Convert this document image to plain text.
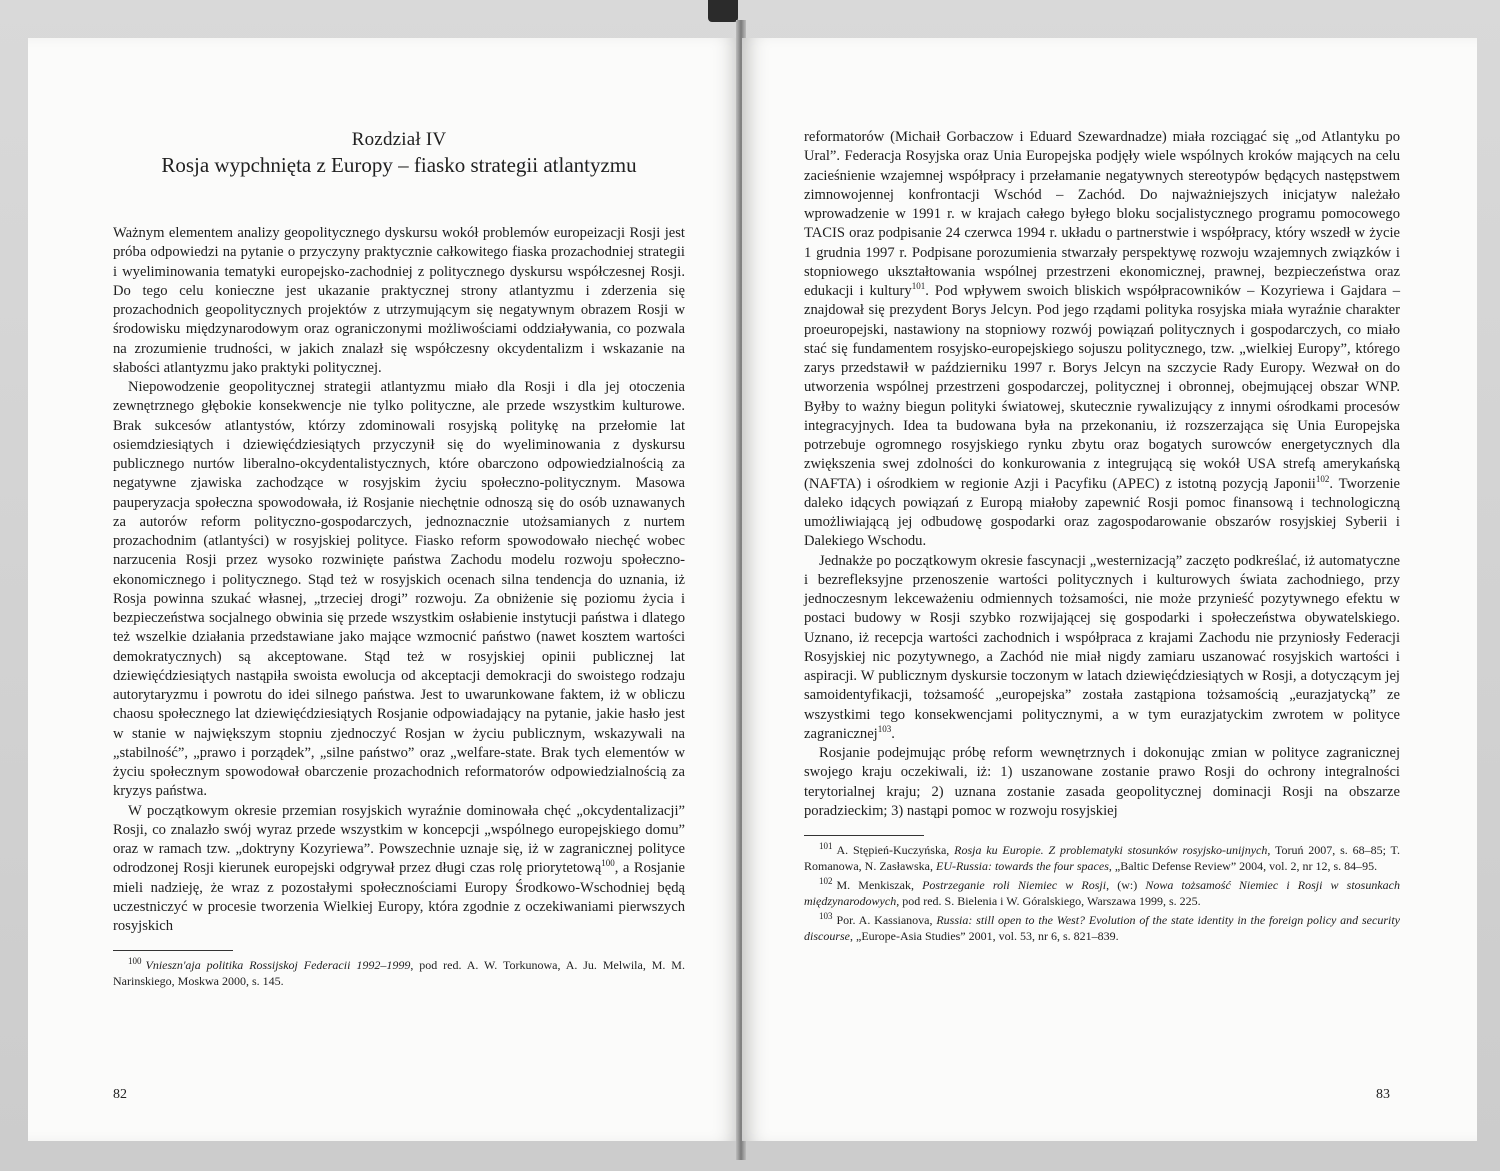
Rozdział IV

Rosja wypchnięta z Europy – fiasko strategii atlantyzmu

Ważnym elementem analizy geopolitycznego dyskursu wokół problemów europeizacji Rosji jest próba odpowiedzi na pytanie o przyczyny praktycznie całkowitego fiaska prozachodniej strategii i wyeliminowania tematyki europejsko-zachodniej z politycznego dyskursu współczesnej Rosji. Do tego celu konieczne jest ukazanie praktycznej strony atlantyzmu i zderzenia się prozachodnich geopolitycznych projektów z utrzymującym się negatywnym obrazem Rosji w środowisku międzynarodowym oraz ograniczonymi możliwościami oddziaływania, co pozwala na zrozumienie trudności, w jakich znalazł się współczesny okcydentalizm i wskazanie na słabości atlantyzmu jako praktyki politycznej.

Niepowodzenie geopolitycznej strategii atlantyzmu miało dla Rosji i dla jej otoczenia zewnętrznego głębokie konsekwencje nie tylko polityczne, ale przede wszystkim kulturowe. Brak sukcesów atlantystów, którzy zdominowali rosyjską politykę na przełomie lat osiemdziesiątych i dziewięćdziesiątych przyczynił się do wyeliminowania z dyskursu publicznego nurtów liberalno-okcydentalistycznych, które obarczono odpowiedzialnością za negatywne zjawiska zachodzące w rosyjskim życiu społeczno-politycznym. Masowa pauperyzacja społeczna spowodowała, iż Rosjanie niechętnie odnoszą się do osób uznawanych za autorów reform polityczno-gospodarczych, jednoznacznie utożsamianych z nurtem prozachodnim (atlantyści) w rosyjskiej polityce. Fiasko reform spowodowało niechęć wobec narzucenia Rosji przez wysoko rozwinięte państwa Zachodu modelu rozwoju społeczno-ekonomicznego i politycznego. Stąd też w rosyjskich ocenach silna tendencja do uznania, iż Rosja powinna szukać własnej, „trzeciej drogi” rozwoju. Za obniżenie się poziomu życia i bezpieczeństwa socjalnego obwinia się przede wszystkim osłabienie instytucji państwa i dlatego też wszelkie działania przedstawiane jako mające wzmocnić państwo (nawet kosztem wartości demokratycznych) są akceptowane. Stąd też w rosyjskiej opinii publicznej lat dziewięćdziesiątych nastąpiła swoista ewolucja od akceptacji demokracji do swoistego rodzaju autorytaryzmu i powrotu do idei silnego państwa. Jest to uwarunkowane faktem, iż w obliczu chaosu społecznego lat dziewięćdziesiątych Rosjanie odpowiadający na pytanie, jakie hasło jest w stanie w największym stopniu zjednoczyć Rosjan w życiu publicznym, wskazywali na „stabilność”, „prawo i porządek”, „silne państwo” oraz „welfare-state. Brak tych elementów w życiu społecznym spowodował obarczenie prozachodnich reformatorów odpowiedzialnością za kryzys państwa.

W początkowym okresie przemian rosyjskich wyraźnie dominowała chęć „okcydentalizacji” Rosji, co znalazło swój wyraz przede wszystkim w koncepcji „wspólnego europejskiego domu” oraz w ramach tzw. „doktryny Kozyriewa”. Powszechnie uznaje się, iż w zagranicznej polityce odrodzonej Rosji kierunek europejski odgrywał przez długi czas rolę priorytetową$^{100}$, a Rosjanie mieli nadzieję, że wraz z pozostałymi społecznościami Europy Środkowo-Wschodniej będą uczestniczyć w procesie tworzenia Wielkiej Europy, która zgodnie z oczekiwaniami pierwszych rosyjskich

$^{100}$ Vnieszn'aja politika Rossijskoj Federacii 1992–1999, pod red. A. W. Torkunowa, A. Ju. Melwila, M. M. Narinskiego, Moskwa 2000, s. 145.

82

reformatorów (Michaił Gorbaczow i Eduard Szewardnadze) miała rozciągać się „od Atlantyku po Ural”. Federacja Rosyjska oraz Unia Europejska podjęły wiele wspólnych kroków mających na celu zacieśnienie wzajemnej współpracy i przełamanie negatywnych stereotypów będących następstwem zimnowojennej konfrontacji Wschód – Zachód. Do najważniejszych inicjatyw należało wprowadzenie w 1991 r. w krajach całego byłego bloku socjalistycznego programu pomocowego TACIS oraz podpisanie 24 czerwca 1994 r. układu o partnerstwie i współpracy, który wszedł w życie 1 grudnia 1997 r. Podpisane porozumienia stwarzały perspektywę rozwoju wzajemnych związków i stopniowego ukształtowania wspólnej przestrzeni ekonomicznej, prawnej, bezpieczeństwa oraz edukacji i kultury$^{101}$. Pod wpływem swoich bliskich współpracowników – Kozyriewa i Gajdara – znajdował się prezydent Borys Jelcyn. Pod jego rządami polityka rosyjska miała wyraźnie charakter proeuropejski, nastawiony na stopniowy rozwój powiązań politycznych i gospodarczych, co miało stać się fundamentem rosyjsko-europejskiego sojuszu politycznego, tzw. „wielkiej Europy”, którego zarys przedstawił w październiku 1997 r. Borys Jelcyn na szczycie Rady Europy. Wezwał on do utworzenia wspólnej przestrzeni gospodarczej, politycznej i obronnej, obejmującej obszar WNP. Byłby to ważny biegun polityki światowej, skutecznie rywalizujący z innymi ośrodkami procesów integracyjnych. Idea ta budowana była na przekonaniu, iż rozszerzająca się Unia Europejska potrzebuje ogromnego rosyjskiego rynku zbytu oraz bogatych surowców energetycznych dla zwiększenia swej zdolności do konkurowania z integrującą się wokół USA strefą amerykańską (NAFTA) i ośrodkiem w regionie Azji i Pacyfiku (APEC) z istotną pozycją Japonii$^{102}$. Tworzenie daleko idących powiązań z Europą miałoby zapewnić Rosji pomoc finansową i technologiczną umożliwiającą jej odbudowę gospodarki oraz zagospodarowanie obszarów rosyjskiej Syberii i Dalekiego Wschodu.

Jednakże po początkowym okresie fascynacji „westernizacją” zaczęto podkreślać, iż automatyczne i bezrefleksyjne przenoszenie wartości politycznych i kulturowych świata zachodniego, przy jednoczesnym lekceważeniu odmiennych tożsamości, nie może przynieść pozytywnego efektu w postaci budowy w Rosji szybko rozwijającej się gospodarki i społeczeństwa obywatelskiego. Uznano, iż recepcja wartości zachodnich i współpraca z krajami Zachodu nie przyniosły Federacji Rosyjskiej nic pozytywnego, a Zachód nie miał nigdy zamiaru uszanować rosyjskich wartości i aspiracji. W publicznym dyskursie toczonym w latach dziewięćdziesiątych w Rosji, a dotyczącym jej samoidentyfikacji, tożsamość „europejska” została zastąpiona tożsamością „eurazjatycką” ze wszystkimi tego konsekwencjami politycznymi, a w tym eurazjatyckim zwrotem w polityce zagranicznej$^{103}$.

Rosjanie podejmując próbę reform wewnętrznych i dokonując zmian w polityce zagranicznej swojego kraju oczekiwali, iż: 1) uszanowane zostanie prawo Rosji do ochrony integralności terytorialnej kraju; 2) uznana zostanie zasada geopolitycznej dominacji Rosji na obszarze poradzieckim; 3) nastąpi pomoc w rozwoju rosyjskiej

$^{101}$ A. Stępień-Kuczyńska, Rosja ku Europie. Z problematyki stosunków rosyjsko-unijnych, Toruń 2007, s. 68–85; T. Romanowa, N. Zasławska, EU-Russia: towards the four spaces, „Baltic Defense Review” 2004, vol. 2, nr 12, s. 84–95.

$^{102}$ M. Menkiszak, Postrzeganie roli Niemiec w Rosji, (w:) Nowa tożsamość Niemiec i Rosji w stosunkach międzynarodowych, pod red. S. Bielenia i W. Góralskiego, Warszawa 1999, s. 225.

$^{103}$ Por. A. Kassianova, Russia: still open to the West? Evolution of the state identity in the foreign policy and security discourse, „Europe-Asia Studies” 2001, vol. 53, nr 6, s. 821–839.

83
